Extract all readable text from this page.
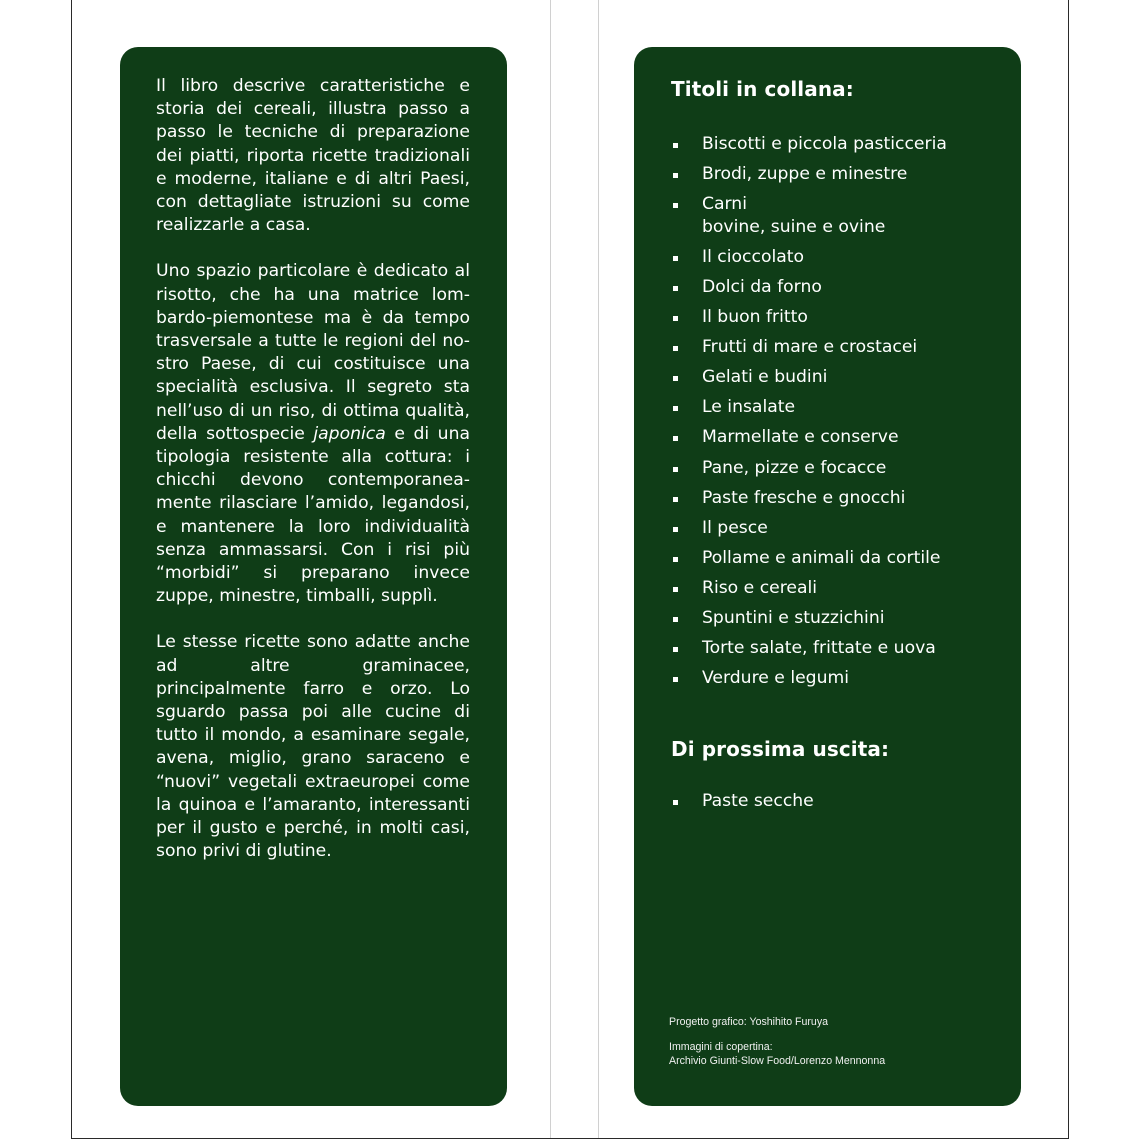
Il libro descrive caratteristiche e storia dei cereali, illustra passo a passo le tecniche di preparazione dei piatti, riporta ricette tradizionali e moderne, italiane e di altri Paesi, con dettagliate istruzioni su come realizzarle a casa.

Uno spazio particolare è dedicato al risotto, che ha una matrice lombardo-piemontese ma è da tempo trasversale a tutte le regioni del nostro Paese, di cui costituisce una specialità esclusiva. Il segreto sta nell’uso di un riso, di ottima qualità, della sottospecie japonica e di una tipologia resistente alla cottura: i chicchi devono contemporaneamente rilasciare l’amido, legandosi, e mantenere la loro individualità senza ammassarsi. Con i risi più “morbidi” si preparano invece zuppe, minestre, timballi, supplì.

Le stesse ricette sono adatte anche ad altre graminacee, principalmente farro e orzo. Lo sguardo passa poi alle cucine di tutto il mondo, a esaminare segale, avena, miglio, grano saraceno e “nuovi” vegetali extraeuropei come la quinoa e l’amaranto, interessanti per il gusto e perché, in molti casi, sono privi di glutine.

Titoli in collana:
Biscotti e piccola pasticceria
Brodi, zuppe e minestre
Carni
bovine, suine e ovine
Il cioccolato
Dolci da forno
Il buon fritto
Frutti di mare e crostacei
Gelati e budini
Le insalate
Marmellate e conserve
Pane, pizze e focacce
Paste fresche e gnocchi
Il pesce
Pollame e animali da cortile
Riso e cereali
Spuntini e stuzzichini
Torte salate, frittate e uova
Verdure e legumi
Di prossima uscita:
Paste secche
Progetto grafico: Yoshihito Furuya
Immagini di copertina:
Archivio Giunti-Slow Food/Lorenzo Mennonna
